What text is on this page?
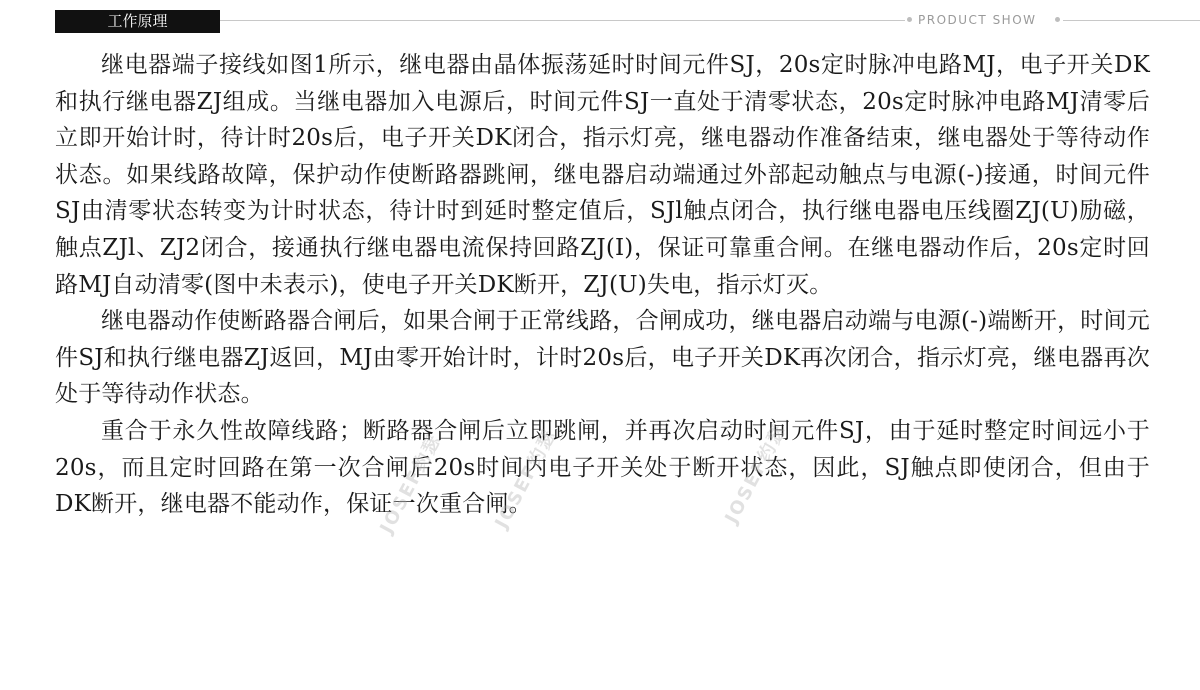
工作原理	PRODUCT SHOW

继电器端子接线如图1所示，继电器由晶体振荡延时时间元件SJ，20s定时脉冲电路MJ，电子开关DK和执行继电器ZJ组成。当继电器加入电源后，时间元件SJ一直处于清零状态，20s定时脉冲电路MJ清零后立即开始计时，待计时20s后，电子开关DK闭合，指示灯亮，继电器动作准备结束，继电器处于等待动作状态。如果线路故障，保护动作使断路器跳闸，继电器启动端通过外部起动触点与电源(-)接通，时间元件SJ由清零状态转变为计时状态，待计时到延时整定值后，SJl触点闭合，执行继电器电压线圈ZJ(U)励磁，触点ZJl、ZJ2闭合，接通执行继电器电流保持回路ZJ(I)，保证可靠重合闸。在继电器动作后，20s定时回路MJ自动清零(图中未表示)，使电子开关DK断开，ZJ(U)失电，指示灯灭。

继电器动作使断路器合闸后，如果合闸于正常线路，合闸成功，继电器启动端与电源(-)端断开，时间元件SJ和执行继电器ZJ返回，MJ由零开始计时，计时20s后，电子开关DK再次闭合，指示灯亮，继电器再次处于等待动作状态。

重合于永久性故障线路；断路器合闸后立即跳闸，并再次启动时间元件SJ，由于延时整定时间远小于20s，而且定时回路在第一次合闸后20s时间内电子开关处于断开状态，因此，SJ触点即使闭合，但由于DK断开，继电器不能动作，保证一次重合闸。

JOSEF约瑟	JOSEF约瑟	JOSEF约瑟
